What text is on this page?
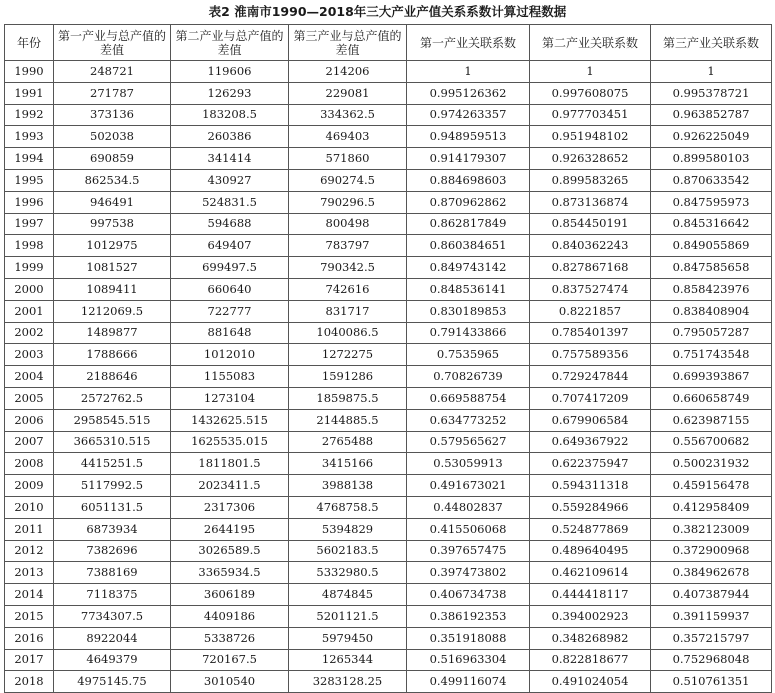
表2 淮南市1990—2018年三大产业产值关系系数计算过程数据
年份	第一产业与总产值的差值	第二产业与总产值的差值	第三产业与总产值的差值	第一产业关联系数	第二产业关联系数	第三产业关联系数
1990	248721	119606	214206	1	1	1
1991	271787	126293	229081	0.995126362	0.997608075	0.995378721
1992	373136	183208.5	334362.5	0.974263357	0.977703451	0.963852787
1993	502038	260386	469403	0.948959513	0.951948102	0.926225049
1994	690859	341414	571860	0.914179307	0.926328652	0.899580103
1995	862534.5	430927	690274.5	0.884698603	0.899583265	0.870633542
1996	946491	524831.5	790296.5	0.870962862	0.873136874	0.847595973
1997	997538	594688	800498	0.862817849	0.854450191	0.845316642
1998	1012975	649407	783797	0.860384651	0.840362243	0.849055869
1999	1081527	699497.5	790342.5	0.849743142	0.827867168	0.847585658
2000	1089411	660640	742616	0.848536141	0.837527474	0.858423976
2001	1212069.5	722777	831717	0.830189853	0.8221857	0.838408904
2002	1489877	881648	1040086.5	0.791433866	0.785401397	0.795057287
2003	1788666	1012010	1272275	0.7535965	0.757589356	0.751743548
2004	2188646	1155083	1591286	0.70826739	0.729247844	0.699393867
2005	2572762.5	1273104	1859875.5	0.669588754	0.707417209	0.660658749
2006	2958545.515	1432625.515	2144885.5	0.634773252	0.679906584	0.623987155
2007	3665310.515	1625535.015	2765488	0.579565627	0.649367922	0.556700682
2008	4415251.5	1811801.5	3415166	0.53059913	0.622375947	0.500231932
2009	5117992.5	2023411.5	3988138	0.491673021	0.594311318	0.459156478
2010	6051131.5	2317306	4768758.5	0.44802837	0.559284966	0.412958409
2011	6873934	2644195	5394829	0.415506068	0.524877869	0.382123009
2012	7382696	3026589.5	5602183.5	0.397657475	0.489640495	0.372900968
2013	7388169	3365934.5	5332980.5	0.397473802	0.462109614	0.384962678
2014	7118375	3606189	4874845	0.406734738	0.444418117	0.407387944
2015	7734307.5	4409186	5201121.5	0.386192353	0.394002923	0.391159937
2016	8922044	5338726	5979450	0.351918088	0.348268982	0.357215797
2017	4649379	720167.5	1265344	0.516963304	0.822818677	0.752968048
2018	4975145.75	3010540	3283128.25	0.499116074	0.491024054	0.510761351
